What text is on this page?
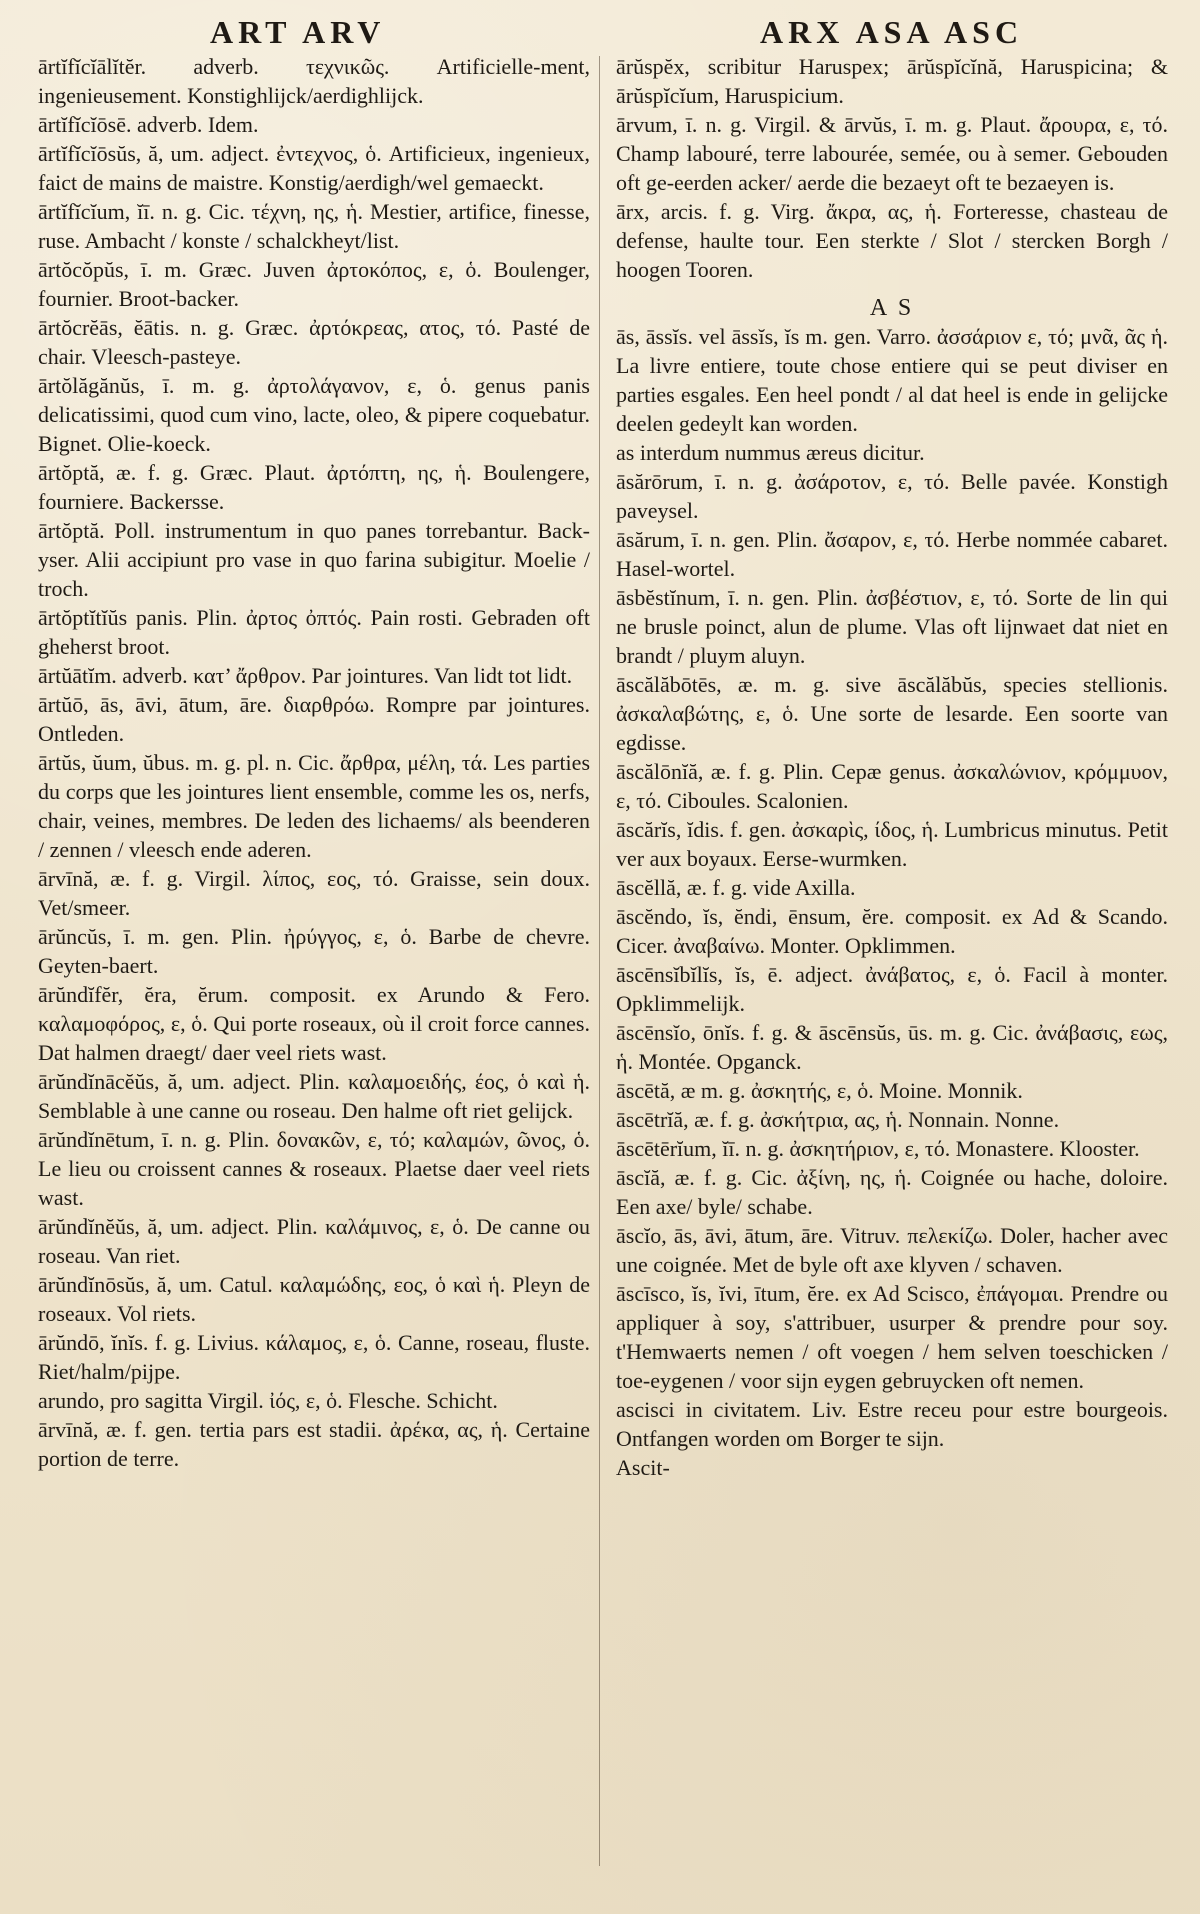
ART ARV	ARX ASA ASC

ārtĭfĭcĭālĭtĕr. adverb. τεχνικῶς. Artificielle-ment, ingenieusement. Konstighlijck/aerdighlijck.

ārtĭfĭcĭōsē. adverb. Idem.

ārtĭfĭcĭōsŭs, ă, um. adject. ἐντεχνος, ὁ. Artificieux, ingenieux, faict de mains de maistre. Konstig/aerdigh/wel gemaeckt.

ārtĭfĭcĭum, ĭī. n. g. Cic. τέχνη, ης, ἡ. Mestier, artifice, finesse, ruse. Ambacht / konste / schalckheyt/list.

ārtŏcŏpŭs, ī. m. Græc. Juven ἀρτοκόπος, ε, ὁ. Boulenger, fournier. Broot-backer.

ārtŏcrĕās, ĕātis. n. g. Græc. ἀρτόκρεας, ατος, τό. Pasté de chair. Vleesch-pasteye.

ārtŏlăgănŭs, ī. m. g. ἀρτολάγανον, ε, ὁ. genus panis delicatissimi, quod cum vino, lacte, oleo, & pipere coquebatur. Bignet. Olie-koeck.

ārtŏptă, æ. f. g. Græc. Plaut. ἀρτόπτη, ης, ἡ. Boulengere, fourniere. Backersse.

ārtŏptă. Poll. instrumentum in quo panes torrebantur. Back-yser. Alii accipiunt pro vase in quo farina subigitur. Moelie / troch.

ārtŏptĭtĭŭs panis. Plin. ἀρτος ὀπτός. Pain rosti. Gebraden oft gheherst broot.

ārtŭātĭm. adverb. κατ’ ἄρθρον. Par jointures. Van lidt tot lidt.

ārtŭō, ās, āvi, ātum, āre. διαρθρόω. Rompre par jointures. Ontleden.

ārtŭs, ŭum, ŭbus. m. g. pl. n. Cic. ἄρθρα, μέλη, τά. Les parties du corps que les jointures lient ensemble, comme les os, nerfs, chair, veines, membres. De leden des lichaems/ als beenderen / zennen / vleesch ende aderen.

ārvīnă, æ. f. g. Virgil. λίπος, εος, τό. Graisse, sein doux. Vet/smeer.

ārŭncŭs, ī. m. gen. Plin. ἠρύγγος, ε, ὁ. Barbe de chevre. Geyten-baert.

ārŭndĭfĕr, ĕra, ĕrum. composit. ex Arundo & Fero. καλαμοφόρος, ε, ὁ. Qui porte roseaux, où il croit force cannes. Dat halmen draegt/ daer veel riets wast.

ārŭndĭnācĕŭs, ă, um. adject. Plin. καλαμοειδής, έος, ὁ καὶ ἡ. Semblable à une canne ou roseau. Den halme oft riet gelijck.

ārŭndĭnētum, ī. n. g. Plin. δονακῶν, ε, τό; καλαμών, ῶνος, ὁ. Le lieu ou croissent cannes & roseaux. Plaetse daer veel riets wast.

ārŭndĭnĕŭs, ă, um. adject. Plin. καλάμινος, ε, ὁ. De canne ou roseau. Van riet.

ārŭndĭnōsŭs, ă, um. Catul. καλαμώδης, εος, ὁ καὶ ἡ. Pleyn de roseaux. Vol riets.

ārŭndō, ĭnĭs. f. g. Livius. κάλαμος, ε, ὁ. Canne, roseau, fluste. Riet/halm/pijpe.

arundo, pro sagitta Virgil. ἰός, ε, ὁ. Flesche. Schicht.

ārvīnă, æ. f. gen. tertia pars est stadii. ἀρέκα, ας, ἡ. Certaine portion de terre.

ārŭspĕx, scribitur Haruspex; ārŭspĭcĭnă, Haruspicina; & ārŭspĭcĭum, Haruspicium.

ārvum, ī. n. g. Virgil. & ārvŭs, ī. m. g. Plaut. ἄρουρα, ε, τό. Champ labouré, terre labourée, semée, ou à semer. Gebouden oft ge-eerden acker/ aerde die bezaeyt oft te bezaeyen is.

ārx, arcis. f. g. Virg. ἄκρα, ας, ἡ. Forteresse, chasteau de defense, haulte tour. Een sterkte / Slot / stercken Borgh / hoogen Tooren.

A S

ās, āssĭs. vel āssĭs, ĭs m. gen. Varro. ἀσσάριον ε, τό; μνᾶ, ᾶς ἡ. La livre entiere, toute chose entiere qui se peut diviser en parties esgales. Een heel pondt / al dat heel is ende in gelijcke deelen gedeylt kan worden.

as interdum nummus æreus dicitur.

āsărōrum, ī. n. g. ἀσάροτον, ε, τό. Belle pavée. Konstigh paveysel.

āsărum, ī. n. gen. Plin. ἄσαρον, ε, τό. Herbe nommée cabaret. Hasel-wortel.

āsbĕstĭnum, ī. n. gen. Plin. ἀσβέστιον, ε, τό. Sorte de lin qui ne brusle poinct, alun de plume. Vlas oft lijnwaet dat niet en brandt / pluym aluyn.

āscălăbōtēs, æ. m. g. sive āscălăbŭs, species stellionis. ἀσκαλαβώτης, ε, ὁ. Une sorte de lesarde. Een soorte van egdisse.

āscălōnĭă, æ. f. g. Plin. Cepæ genus. ἀσκαλώνιον, κρόμμυον, ε, τό. Ciboules. Scalonien.

āscărĭs, ĭdis. f. gen. ἀσκαρὶς, ίδος, ἡ. Lumbricus minutus. Petit ver aux boyaux. Eerse-wurmken.

āscĕllă, æ. f. g. vide Axilla.

āscĕndo, ĭs, ĕndi, ēnsum, ĕre. composit. ex Ad & Scando. Cicer. ἀναβαίνω. Monter. Opklimmen.

āscēnsĭbĭlĭs, ĭs, ē. adject. ἀνάβατος, ε, ὁ. Facil à monter. Opklimmelijk.

āscēnsĭo, ōnĭs. f. g. & āscēnsŭs, ūs. m. g. Cic. ἀνάβασις, εως, ἡ. Montée. Opganck.

āscētă, æ m. g. ἀσκητής, ε, ὁ. Moine. Monnik.

āscētrĭă, æ. f. g. ἀσκήτρια, ας, ἡ. Nonnain. Nonne.

āscētērĭum, ĭī. n. g. ἀσκητήριον, ε, τό. Monastere. Klooster.

āscĭă, æ. f. g. Cic. ἀξίνη, ης, ἡ. Coignée ou hache, doloire. Een axe/ byle/ schabe.

āscĭo, ās, āvi, ātum, āre. Vitruv. πελεκίζω. Doler, hacher avec une coignée. Met de byle oft axe klyven / schaven.

āscīsco, ĭs, ĭvi, ītum, ĕre. ex Ad Scisco, ἐπάγομαι. Prendre ou appliquer à soy, s'attribuer, usurper & prendre pour soy. t'Hemwaerts nemen / oft voegen / hem selven toeschicken / toe-eygenen / voor sijn eygen gebruycken oft nemen.

ascisci in civitatem. Liv. Estre receu pour estre bourgeois. Ontfangen worden om Borger te sijn.

Ascit-
